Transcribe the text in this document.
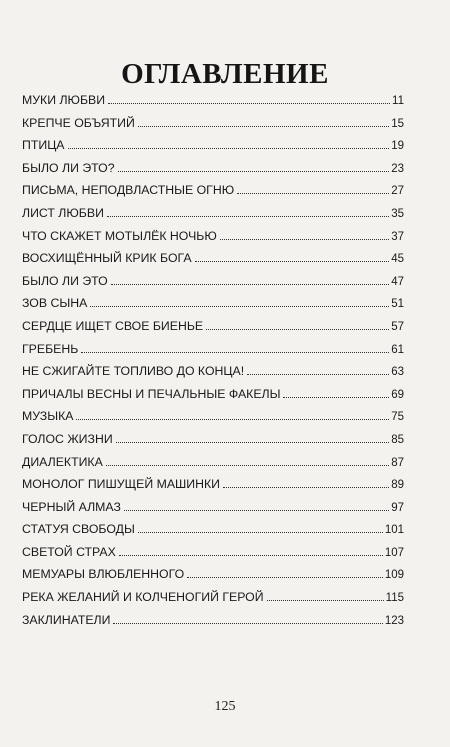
ОГЛАВЛЕНИЕ
МУКИ ЛЮБВИ	11
КРЕПЧЕ ОБЪЯТИЙ	15
ПТИЦА	19
БЫЛО ЛИ ЭТО?	23
ПИСЬМА, НЕПОДВЛАСТНЫЕ ОГНЮ	27
ЛИСТ ЛЮБВИ	35
ЧТО СКАЖЕТ МОТЫЛЁК НОЧЬЮ	37
ВОСХИЩЁННЫЙ КРИК БОГА	45
БЫЛО ЛИ ЭТО	47
ЗОВ СЫНА	51
СЕРДЦЕ ИЩЕТ СВОЕ БИЕНЬЕ	57
ГРЕБЕНЬ	61
НЕ СЖИГАЙТЕ ТОПЛИВО ДО КОНЦА!	63
ПРИЧАЛЫ ВЕСНЫ И ПЕЧАЛЬНЫЕ ФАКЕЛЫ	69
МУЗЫКА	75
ГОЛОС ЖИЗНИ	85
ДИАЛЕКТИКА	87
МОНОЛОГ ПИШУЩЕЙ МАШИНКИ	89
ЧЕРНЫЙ АЛМАЗ	97
СТАТУЯ СВОБОДЫ	101
СВЕТОЙ СТРАХ	107
МЕМУАРЫ ВЛЮБЛЕННОГО	109
РЕКА ЖЕЛАНИЙ И КОЛЧЕНОГИЙ ГЕРОЙ	115
ЗАКЛИНАТЕЛИ	123
125
